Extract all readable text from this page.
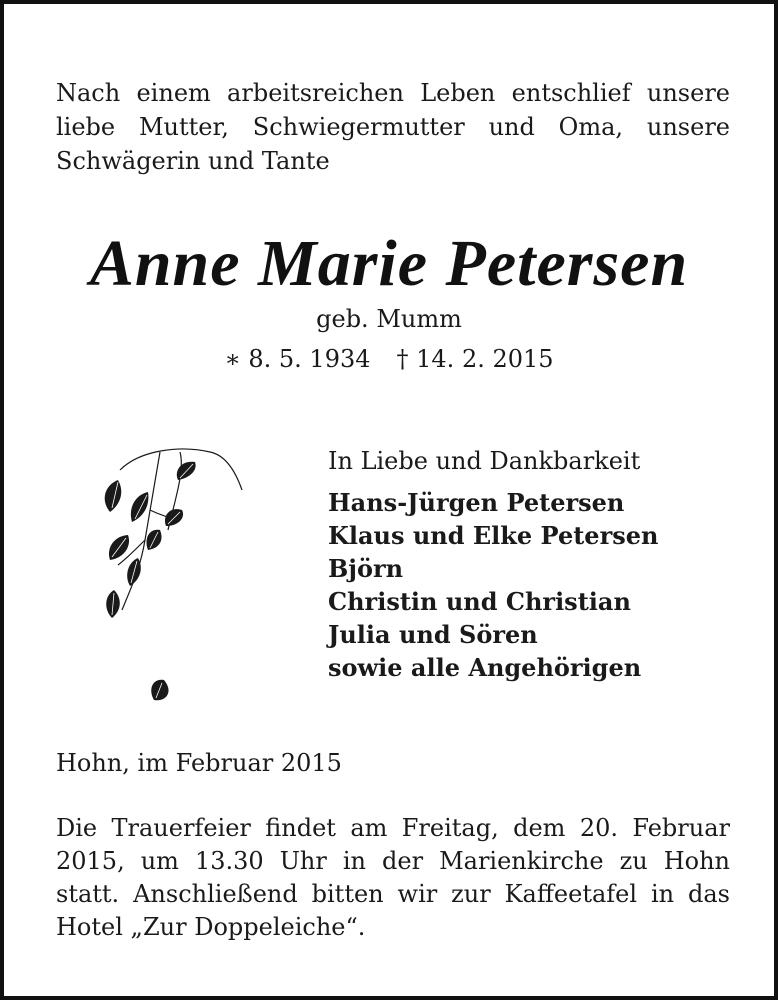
Nach einem arbeitsreichen Leben entschlief unsere liebe Mutter, Schwiegermutter und Oma, unsere Schwägerin und Tante

Anne Marie Petersen
geb. Mumm
∗ 8. 5. 1934 † 14. 2. 2015
In Liebe und Dankbarkeit
Hans-Jürgen Petersen
Klaus und Elke Petersen
Björn
Christin und Christian
Julia und Sören
sowie alle Angehörigen
Hohn, im Februar 2015

Die Trauerfeier findet am Freitag, dem 20. Februar 2015, um 13.30 Uhr in der Marienkirche zu Hohn statt. Anschließend bitten wir zur Kaffeetafel in das Hotel „Zur Doppeleiche“.
